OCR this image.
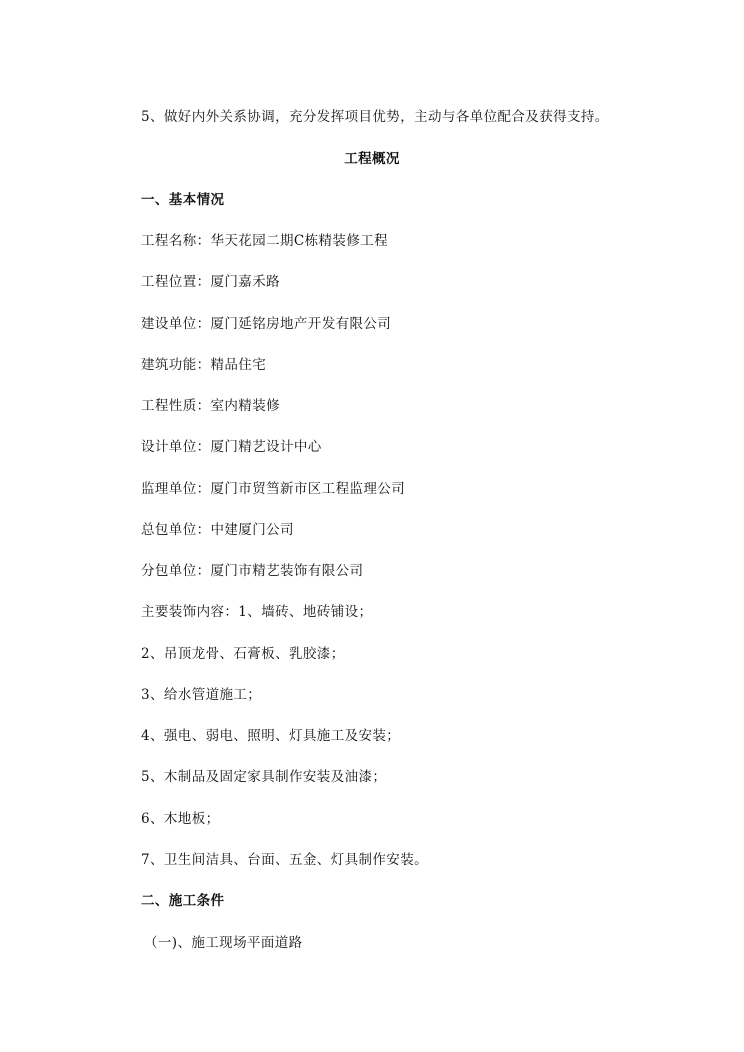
5、做好内外关系协调，充分发挥项目优势，主动与各单位配合及获得支持。
工程概况
一、基本情况
工程名称：华天花园二期C栋精装修工程
工程位置：厦门嘉禾路
建设单位：厦门延铭房地产开发有限公司
建筑功能：精品住宅
工程性质：室内精装修
设计单位：厦门精艺设计中心
监理单位：厦门市贸筜新市区工程监理公司
总包单位：中建厦门公司
分包单位：厦门市精艺装饰有限公司
主要装饰内容：1、墙砖、地砖铺设；
2、吊顶龙骨、石膏板、乳胶漆；
3、给水管道施工；
4、强电、弱电、照明、灯具施工及安装；
5、木制品及固定家具制作安装及油漆；
6、木地板；
7、卫生间洁具、台面、五金、灯具制作安装。
二、施工条件
（一)、施工现场平面道路
